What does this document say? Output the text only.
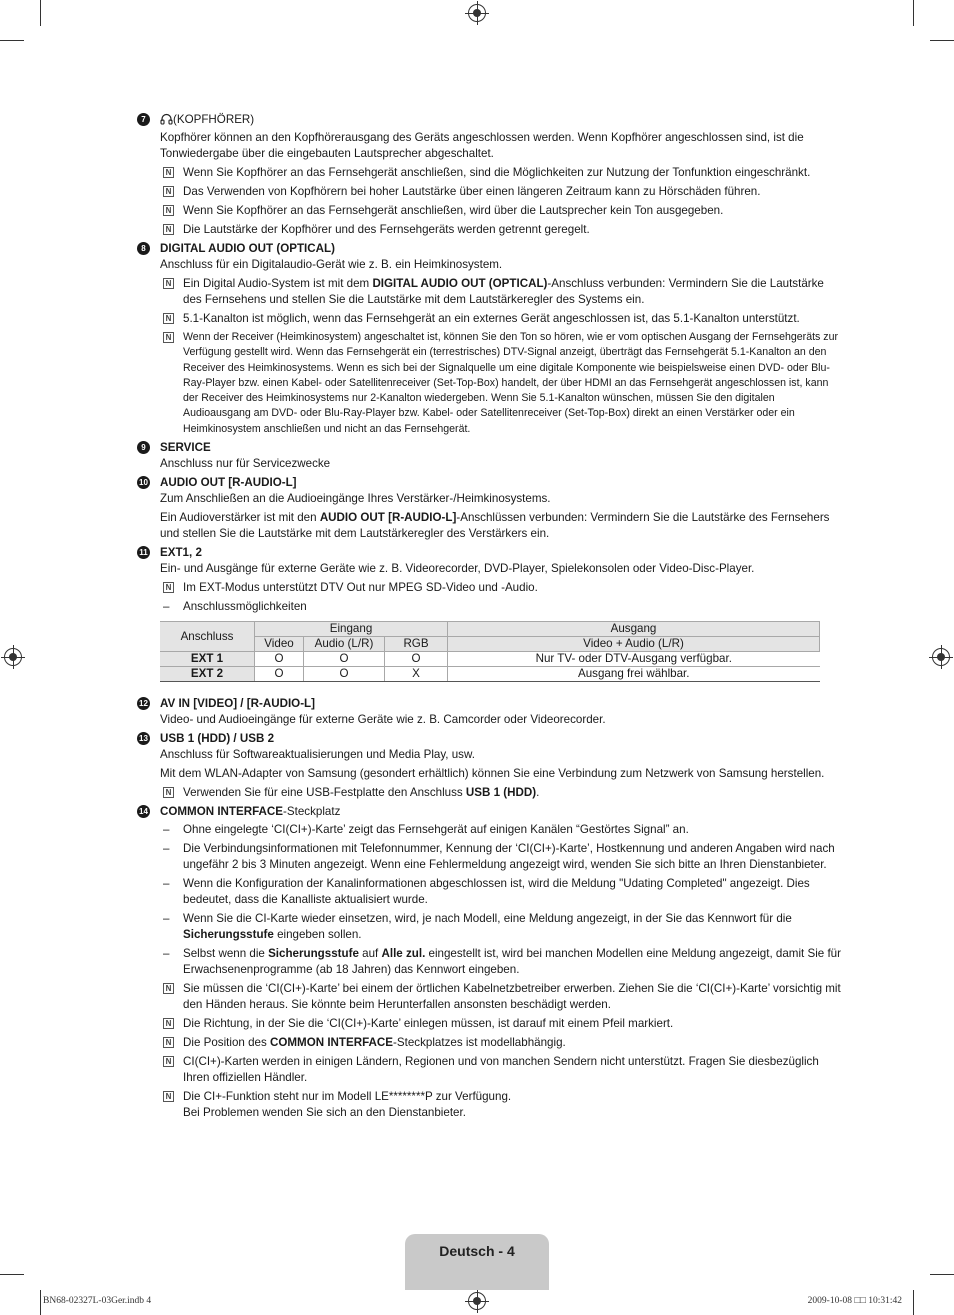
7	(KOPFHÖRER)
Kopfhörer können an den Kopfhörerausgang des Geräts angeschlossen werden. Wenn Kopfhörer angeschlossen sind, ist die Tonwiedergabe über die eingebauten Lautsprecher abgeschaltet.
N Wenn Sie Kopfhörer an das Fernsehgerät anschließen, sind die Möglichkeiten zur Nutzung der Tonfunktion eingeschränkt.
N Das Verwenden von Kopfhörern bei hoher Lautstärke über einen längeren Zeitraum kann zu Hörschäden führen.
N Wenn Sie Kopfhörer an das Fernsehgerät anschließen, wird über die Lautsprecher kein Ton ausgegeben.
N Die Lautstärke der Kopfhörer und des Fernsehgeräts werden getrennt geregelt.
8	DIGITAL AUDIO OUT (OPTICAL)
Anschluss für ein Digitalaudio-Gerät wie z. B. ein Heimkinosystem.
N Ein Digital Audio-System ist mit dem DIGITAL AUDIO OUT (OPTICAL)-Anschluss verbunden: Vermindern Sie die Lautstärke des Fernsehens und stellen Sie die Lautstärke mit dem Lautstärkeregler des Systems ein.
N 5.1-Kanalton ist möglich, wenn das Fernsehgerät an ein externes Gerät angeschlossen ist, das 5.1-Kanalton unterstützt.
N Wenn der Receiver (Heimkinosystem) angeschaltet ist, können Sie den Ton so hören, wie er vom optischen Ausgang der Fernsehgeräts zur Verfügung gestellt wird. Wenn das Fernsehgerät ein (terrestrisches) DTV-Signal anzeigt, überträgt das Fernsehgerät 5.1-Kanalton an den Receiver des Heimkinosystems. Wenn es sich bei der Signalquelle um eine digitale Komponente wie beispielsweise einen DVD- oder Blu-Ray-Player bzw. einen Kabel- oder Satellitenreceiver (Set-Top-Box) handelt, der über HDMI an das Fernsehgerät angeschlossen ist, kann der Receiver des Heimkinosystems nur 2-Kanalton wiedergeben. Wenn Sie 5.1-Kanalton wünschen, müssen Sie den digitalen Audioausgang am DVD- oder Blu-Ray-Player bzw. Kabel- oder Satellitenreceiver (Set-Top-Box) direkt an einen Verstärker oder ein Heimkinosystem anschließen und nicht an das Fernsehgerät.
9	SERVICE
Anschluss nur für Servicezwecke
10 AUDIO OUT [R-AUDIO-L]
Zum Anschließen an die Audioeingänge Ihres Verstärker-/Heimkinosystems.
Ein Audioverstärker ist mit den AUDIO OUT [R-AUDIO-L]-Anschlüssen verbunden: Vermindern Sie die Lautstärke des Fernsehers und stellen Sie die Lautstärke mit dem Lautstärkeregler des Verstärkers ein.
11 EXT1, 2
Ein- und Ausgänge für externe Geräte wie z. B. Videorecorder, DVD-Player, Spielekonsolen oder Video-Disc-Player.
N Im EXT-Modus unterstützt DTV Out nur MPEG SD-Video und -Audio.
– Anschlussmöglichkeiten
Anschluss	Eingang			Ausgang
	Video	Audio (L/R)	RGB	Video + Audio (L/R)
EXT 1	O	O	O	Nur TV- oder DTV-Ausgang verfügbar.
EXT 2	O	O	X	Ausgang frei wählbar.
12 AV IN [VIDEO] / [R-AUDIO-L]
Video- und Audioeingänge für externe Geräte wie z. B. Camcorder oder Videorecorder.
13 USB 1 (HDD) / USB 2
Anschluss für Softwareaktualisierungen und Media Play, usw.
Mit dem WLAN-Adapter von Samsung (gesondert erhältlich) können Sie eine Verbindung zum Netzwerk von Samsung herstellen.
N Verwenden Sie für eine USB-Festplatte den Anschluss USB 1 (HDD).
14 COMMON INTERFACE-Steckplatz
– Ohne eingelegte ‘CI(CI+)-Karte’ zeigt das Fernsehgerät auf einigen Kanälen “Gestörtes Signal” an.
– Die Verbindungsinformationen mit Telefonnummer, Kennung der ‘CI(CI+)-Karte’, Hostkennung und anderen Angaben wird nach ungefähr 2 bis 3 Minuten angezeigt. Wenn eine Fehlermeldung angezeigt wird, wenden Sie sich bitte an Ihren Dienstanbieter.
– Wenn die Konfiguration der Kanalinformationen abgeschlossen ist, wird die Meldung "Udating Completed" angezeigt. Dies bedeutet, dass die Kanalliste aktualisiert wurde.
– Wenn Sie die CI-Karte wieder einsetzen, wird, je nach Modell, eine Meldung angezeigt, in der Sie das Kennwort für die Sicherungsstufe eingeben sollen.
– Selbst wenn die Sicherungsstufe auf Alle zul. eingestellt ist, wird bei manchen Modellen eine Meldung angezeigt, damit Sie für Erwachsenenprogramme (ab 18 Jahren) das Kennwort eingeben.
N Sie müssen die ‘CI(CI+)-Karte’ bei einem der örtlichen Kabelnetzbetreiber erwerben. Ziehen Sie die ‘CI(CI+)-Karte’ vorsichtig mit den Händen heraus. Sie könnte beim Herunterfallen ansonsten beschädigt werden.
N Die Richtung, in der Sie die ‘CI(CI+)-Karte’ einlegen müssen, ist darauf mit einem Pfeil markiert.
N Die Position des COMMON INTERFACE-Steckplatzes ist modellabhängig.
N CI(CI+)-Karten werden in einigen Ländern, Regionen und von manchen Sendern nicht unterstützt. Fragen Sie diesbezüglich Ihren offiziellen Händler.
N Die CI+-Funktion steht nur im Modell LE********P zur Verfügung.
Bei Problemen wenden Sie sich an den Dienstanbieter.
Deutsch - 4
BN68-02327L-03Ger.indb 4	2009-10-08 □□ 10:31:42
